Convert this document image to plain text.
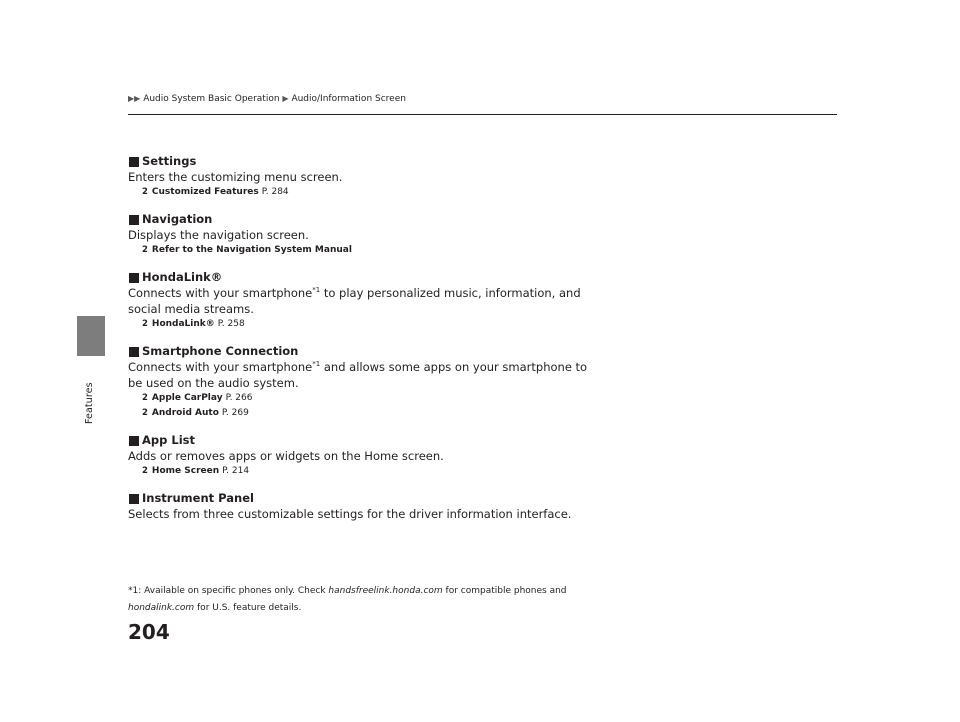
Features
▶▶ Audio System Basic Operation ▶ Audio/Information Screen
Settings
Enters the customizing menu screen.
2 Customized Features P. 284
Navigation
Displays the navigation screen.
2 Refer to the Navigation System Manual
HondaLink®
Connects with your smartphone$^{*1}$ to play personalized music, information, and social media streams.
2 HondaLink® P. 258
Smartphone Connection
Connects with your smartphone$^{*1}$ and allows some apps on your smartphone to be used on the audio system.
2 Apple CarPlay P. 266
2 Android Auto P. 269
App List
Adds or removes apps or widgets on the Home screen.
2 Home Screen P. 214
Instrument Panel
Selects from three customizable settings for the driver information interface.
*1: Available on specific phones only. Check handsfreelink.honda.com for compatible phones and hondalink.com for U.S. feature details.
204
